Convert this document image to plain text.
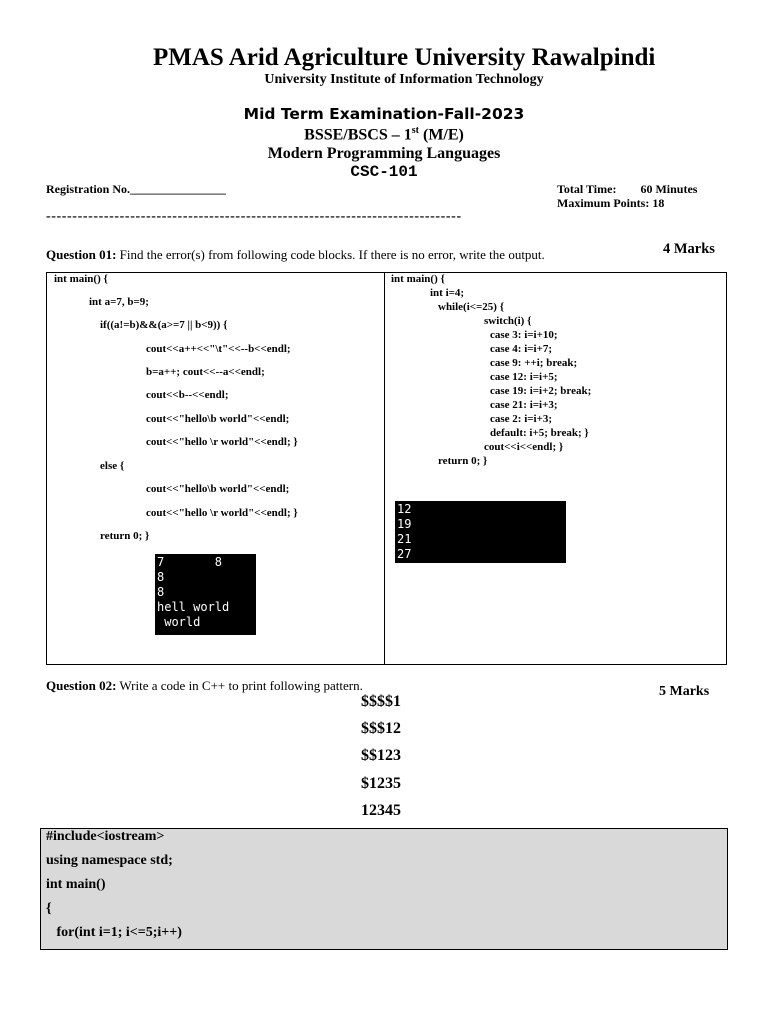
PMAS Arid Agriculture University Rawalpindi
University Institute of Information Technology
Mid Term Examination-Fall-2023
BSSE/BSCS – 1st (M/E)
Modern Programming Languages
CSC-101
Registration No.________________	Total Time: 60 Minutes
Maximum Points: 18
-------------------------------------------------------------------------------
Question 01: Find the error(s) from following code blocks. If there is no error, write the output.	4 Marks
int main() {
int a=7, b=9;
if((a!=b)&&(a>=7 || b<9)) {
cout<<a++<<"\t"<<--b<<endl;
b=a++; cout<<--a<<endl;
cout<<b--<<endl;
cout<<"hello\b world"<<endl;
cout<<"hello \r world"<<endl; }
else {
cout<<"hello\b world"<<endl;
cout<<"hello \r world"<<endl; }
return 0; }
7       8
8
8
hell world
world
int main() {
int i=4;
while(i<=25) {
switch(i) {
case 3: i=i+10;
case 4: i=i+7;
case 9: ++i; break;
case 12: i=i+5;
case 19: i=i+2; break;
case 21: i=i+3;
case 2: i=i+3;
default: i+5; break; }
cout<<i<<endl; }
return 0; }
12
19
21
27
Question 02: Write a code in C++ to print following pattern.	5 Marks
$$$$1
$$$12
$$123
$1235
12345
#include<iostream>
using namespace std;
int main()
{
for(int i=1; i<=5;i++)
